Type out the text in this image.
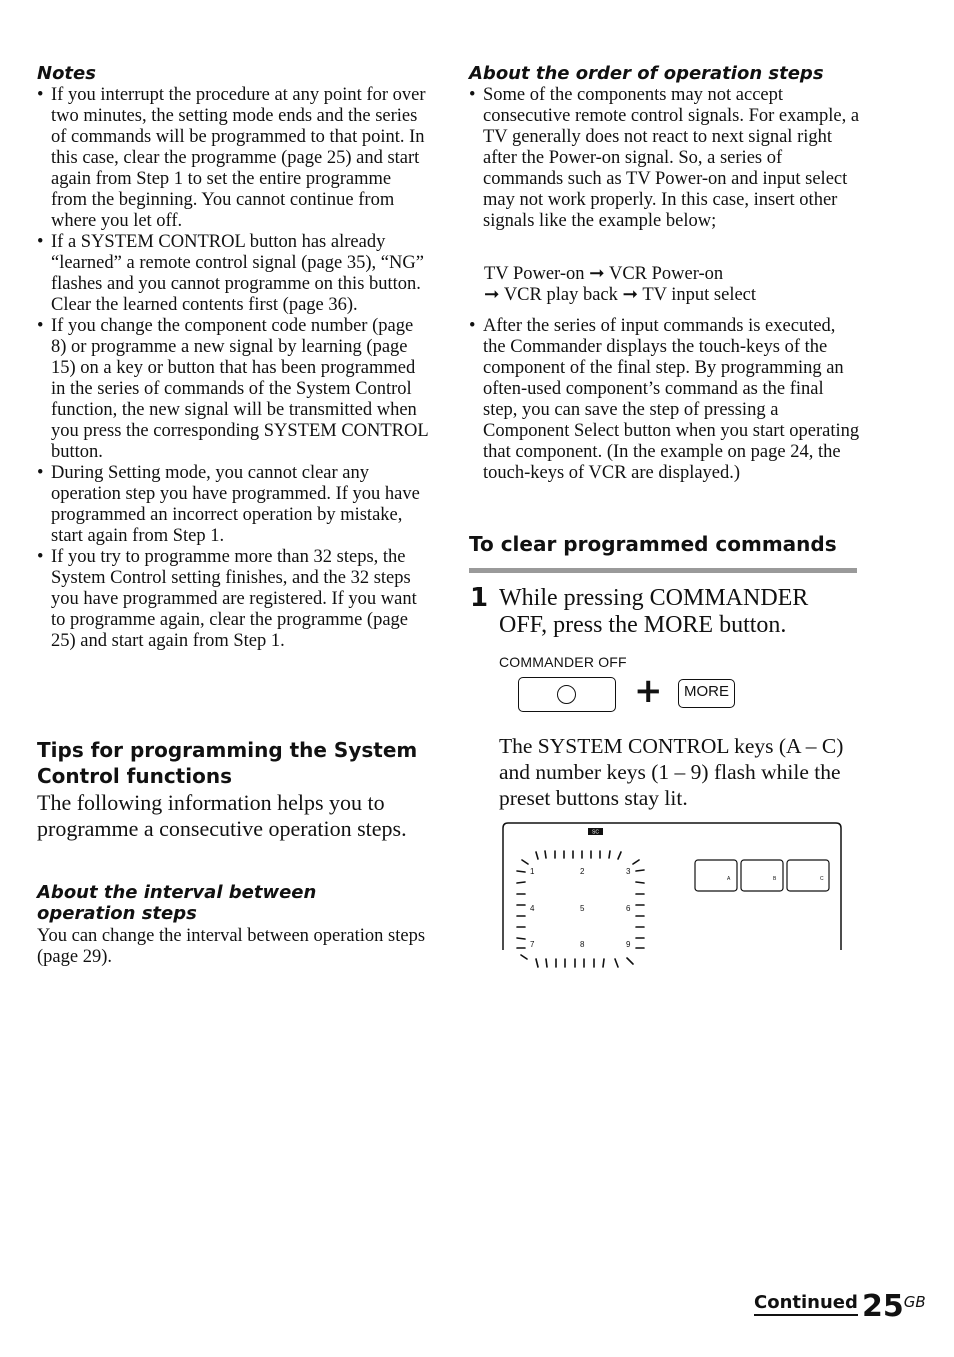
Notes
• If you interrupt the procedure at any point for over two minutes, the setting mode ends and the series of commands will be programmed to that point. In this case, clear the programme (page 25) and start again from Step 1 to set the entire programme from the beginning. You cannot continue from where you let off.
• If a SYSTEM CONTROL button has already “learned” a remote control signal (page 35), “NG” flashes and you cannot programme on this button. Clear the learned contents first (page 36).
• If you change the component code number (page 8) or programme a new signal by learning (page 15) on a key or button that has been programmed in the series of commands of the System Control function, the new signal will be transmitted when you press the corresponding SYSTEM CONTROL button.
• During Setting mode, you cannot clear any operation step you have programmed. If you have programmed an incorrect operation by mistake, start again from Step 1.
• If you try to programme more than 32 steps, the System Control setting finishes, and the 32 steps you have programmed are registered. If you want to programme again, clear the programme (page 25) and start again from Step 1.
Tips for programming the System Control functions
The following information helps you to programme a consecutive operation steps.
About the interval between operation steps
You can change the interval between operation steps (page 29).
About the order of operation steps
• Some of the components may not accept consecutive remote control signals. For example, a TV generally does not react to next signal right after the Power-on signal. So, a series of commands such as TV Power-on and input select may not work properly. In this case, insert other signals like the example below;
TV Power-on ➞ VCR Power-on
➞ VCR play back ➞ TV input select
• After the series of input commands is executed, the Commander displays the touch-keys of the component of the final step. By programming an often-used component’s command as the final step, you can save the step of pressing a Component Select button when you start operating that component. (In the example on page 24, the touch-keys of VCR are displayed.)
To clear programmed commands
1 While pressing COMMANDER OFF, press the MORE button.
COMMANDER OFF
+	MORE
The SYSTEM CONTROL keys (A – C) and number keys (1 – 9) flash while the preset buttons stay lit.
SC
1	2	3
4	5	6
7	8	9
A	B	C
Continued 25GB
